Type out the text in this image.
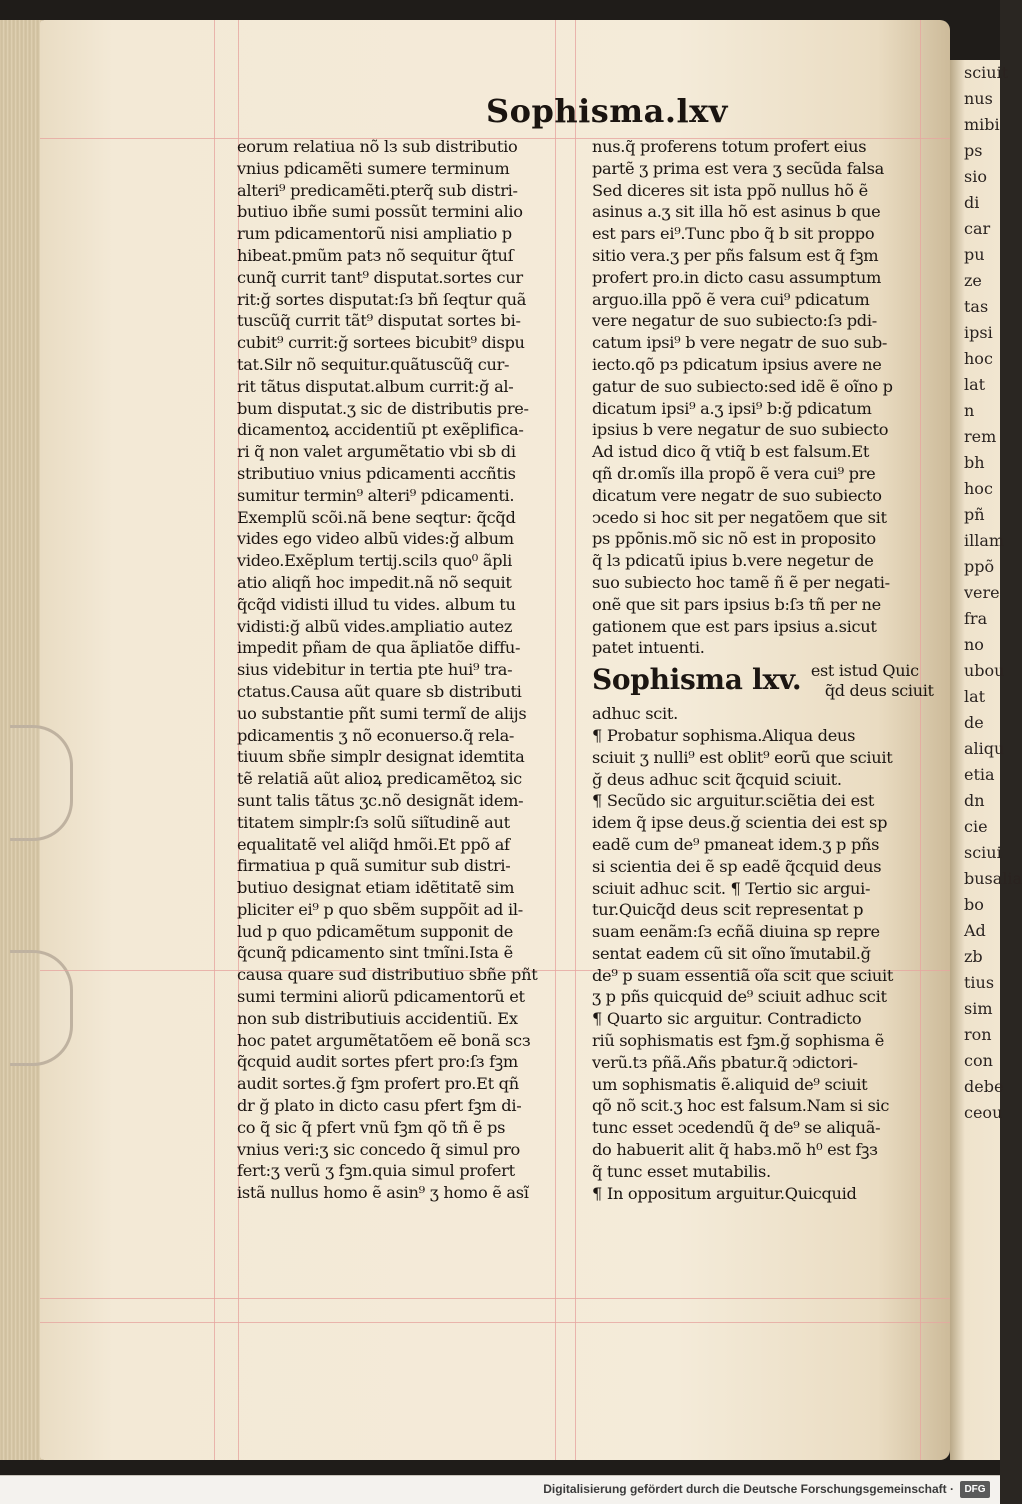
sciuit
nus
mibi
ps
sio
di
car
pu
ze
tas
ipsi
hoc
lat
n
rem
bh
hoc
pñ
illam
ppõ
vere
fra
no
ubou
lat
de
aliqu
etia
dn
cie
sciui
busalia
bo
Ad
zb
tius
sim
ron
con
debe
ceou
Sophisma.lxv
eorum relatiua nõ lз sub distributio
vnius pdicamẽti sumere terminum
alteri⁹ predicamẽti.pterq̃ sub distri-
butiuo ibñe sumi possũt termini alio
rum pdicamentorũ nisi ampliatio p
hibeat.pmũm patз nõ sequitur q̃tuſ
cunq̃ currit tant⁹ disputat.sortes cur
rit:ğ sortes disputat:ſз bñ ſeqtur quã
tuscũq̃ currit tãt⁹ disputat sortes bi-
cubit⁹ currit:ğ sortees bicubit⁹ dispu
tat.Silr nõ sequitur.quãtuscũq̃ cur-
rit tãtus disputat.album currit:ğ al-
bum disputat.ʒ sic de distributis pre-
dicamentoꝝ accidentiũ pt exẽplifica-
ri q̃ non valet argumẽtatio vbi sb di
stributiuo vnius pdicamenti accñtis
sumitur termin⁹ alteri⁹ pdicamenti.
Exemplũ scõi.nã bene seqtur: q̃cq̃d
vides ego video albũ vides:ğ album
video.Exẽplum tertij.scilз quo⁰ ãpli
atio aliqñ hoc impedit.nã nõ sequit
q̃cq̃d vidisti illud tu vides. album tu
vidisti:ğ albũ vides.ampliatio autez
impedit pñam de qua ãpliatõe diffu-
sius videbitur in tertia pte hui⁹ tra-
ctatus.Causa aũt quare sb distributi
uo substantie pñt sumi termĩ de aliјs
pdicamentis ʒ nõ econuerso.q̃ rela-
tiuum sbñe simplr designat idemtita
tẽ relatiã aũt alioꝝ predicamẽtoꝝ sic
sunt talis tãtus ʒc.nõ designãt idem-
titatem simplr:ſз solũ siĩtudinẽ aut
equalitatẽ vel aliq̃d hmõi.Et ppõ af
firmatiua p quã sumitur sub distri-
butiuo designat etiam idẽtitatẽ sim
pliciter ei⁹ p quo sbẽm suppõit ad il-
lud p quo pdicamẽtum supponit de
q̃cunq̃ pdicamento sint tmĩni.Ista ẽ
causa quare sud distributiuo sbñe pñt
sumi termini aliorũ pdicamentorũ et
non sub distributiuis accidentiũ. Ex
hoc patet argumẽtatõem eẽ bonã scз
q̃cquid audit sortes pfert pro:ſз fꝫm
audit sortes.ğ fꝫm profert pro.Et qñ
dr ğ plato in dicto casu pfert fꝫm di-
co q̃ sic q̃ pfert vnũ fꝫm qõ tñ ẽ ps
vnius veri:ʒ sic concedo q̃ simul pro
fert:ʒ verũ ʒ fꝫm.quia simul profert
istã nullus homo ẽ asin⁹ ʒ homo ẽ asĩ
nus.q̃ proferens totum profert eius
partẽ ʒ prima est vera ʒ secũda falsa
Sed diceres sit ista ppõ nullus hõ ẽ
asinus a.ʒ sit illa hõ est asinus b que
est pars ei⁹.Tunc pbo q̃ b sit proppo
sitio vera.ʒ per pñs falsum est q̃ fꝫm
profert pro.in dicto casu assumptum
arguo.illa ppõ ẽ vera cui⁹ pdicatum
vere negatur de suo subiecto:ſз pdi-
catum ipsi⁹ b vere negatr de suo sub-
iecto.qõ pз pdicatum ipsius avere ne
gatur de suo subiecto:sed idẽ ẽ oĩno p
dicatum ipsi⁹ a.ʒ ipsi⁹ b:ğ pdicatum
ipsius b vere negatur de suo subiecto
Ad istud dico q̃ vtiq̃ b est falsum.Et
qñ dr.omĩs illa propõ ẽ vera cui⁹ pre
dicatum vere negatr de suo subiecto
ↄcedo si hoc sit per negatõem que sit
ps ppõnis.mõ sic nõ est in proposito
q̃ lз pdicatũ ipius b.vere negetur de
suo subiecto hoc tamẽ ñ ẽ per negati-
onẽ que sit pars ipsius b:ſз tñ per ne
gationem que est pars ipsius a.sicut
patet intuenti.
Sophisma lxv. est istud Quic
q̃d deus sciuit
adhuc scit.
¶ Probatur sophisma.Aliqua deus
sciuit ʒ nulli⁹ est oblit⁹ eorũ que sciuit
ğ deus adhuc scit q̃cquid sciuit.
¶ Secũdo sic arguitur.sciẽtia dei est
idem q̃ ipse deus.ğ scientia dei est sp
eadẽ cum de⁹ pmaneat idem.ʒ p pñs
si scientia dei ẽ sp eadẽ q̃cquid deus
sciuit adhuc scit. ¶ Tertio sic argui-
tur.Quicq̃d deus scit representat p
suam eenãm:ſз ecñã diuina sp repre
sentat eadem cũ sit oĩno ĩmutabil.ğ
de⁹ p suam essentiã oĩa scit que sciuit
ʒ p pñs quicquid de⁹ sciuit adhuc scit
¶ Quarto sic arguitur. Contradicto
riũ sophismatis est fꝫm.ğ sophisma ẽ
verũ.tз pñã.Añs pbatur.q̃ ↄdictori-
um sophismatis ẽ.aliquid de⁹ sciuit
qõ nõ scit.ʒ hoc est falsum.Nam si sic
tunc esset ↄcedendũ q̃ de⁹ se aliquã-
do habuerit alit q̃ habз.mõ h⁰ est fꝫз
q̃ tunc esset mutabilis.
¶ In oppositum arguitur.Quicquid
Digitalisierung gefördert durch die Deutsche Forschungsgemeinschaft ·	DFG
